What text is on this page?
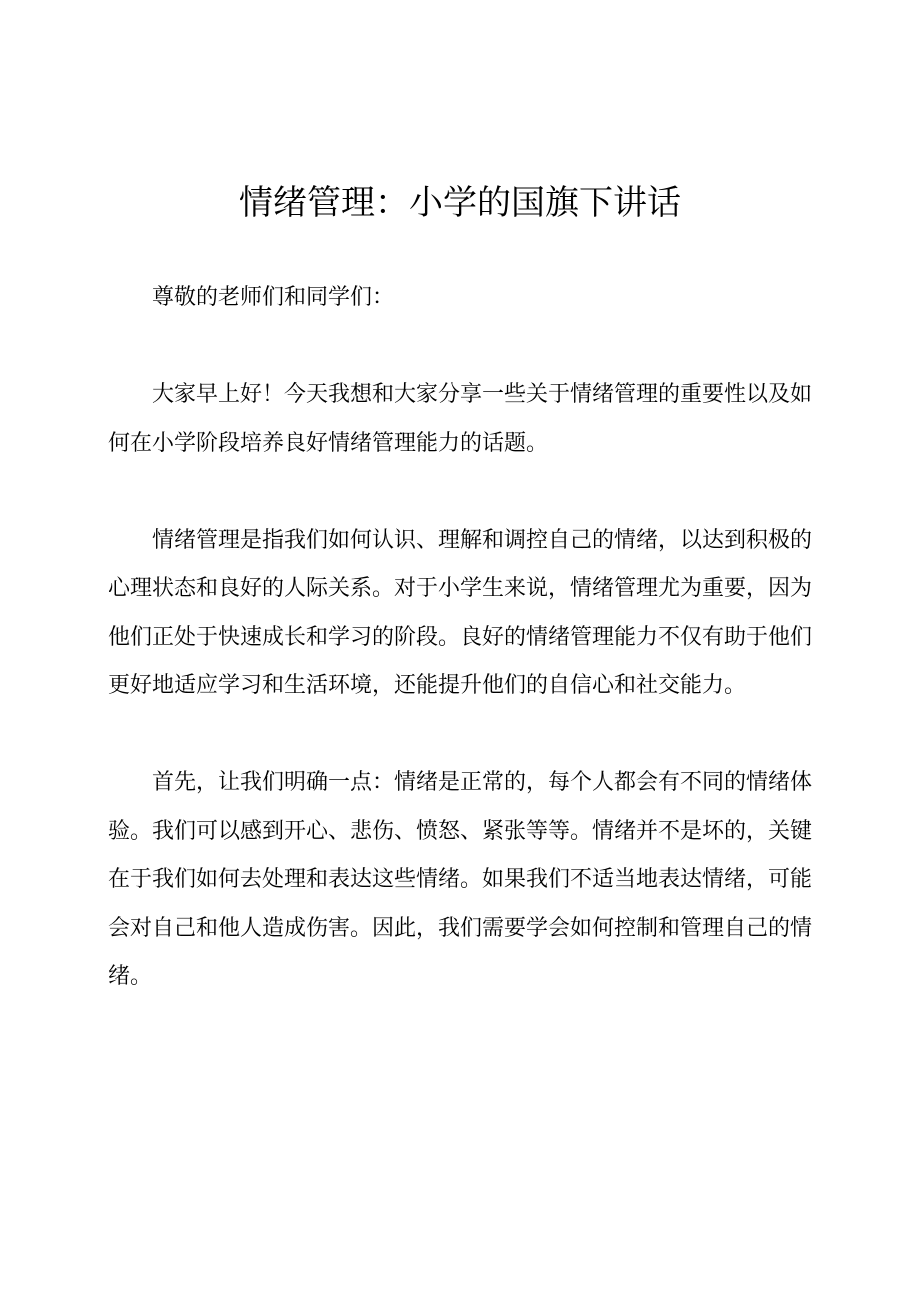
情绪管理：小学的国旗下讲话

尊敬的老师们和同学们：

大家早上好！今天我想和大家分享一些关于情绪管理的重要性以及如何在小学阶段培养良好情绪管理能力的话题。

情绪管理是指我们如何认识、理解和调控自己的情绪，以达到积极的心理状态和良好的人际关系。对于小学生来说，情绪管理尤为重要，因为他们正处于快速成长和学习的阶段。良好的情绪管理能力不仅有助于他们更好地适应学习和生活环境，还能提升他们的自信心和社交能力。

首先，让我们明确一点：情绪是正常的，每个人都会有不同的情绪体验。我们可以感到开心、悲伤、愤怒、紧张等等。情绪并不是坏的，关键在于我们如何去处理和表达这些情绪。如果我们不适当地表达情绪，可能会对自己和他人造成伤害。因此，我们需要学会如何控制和管理自己的情绪。
